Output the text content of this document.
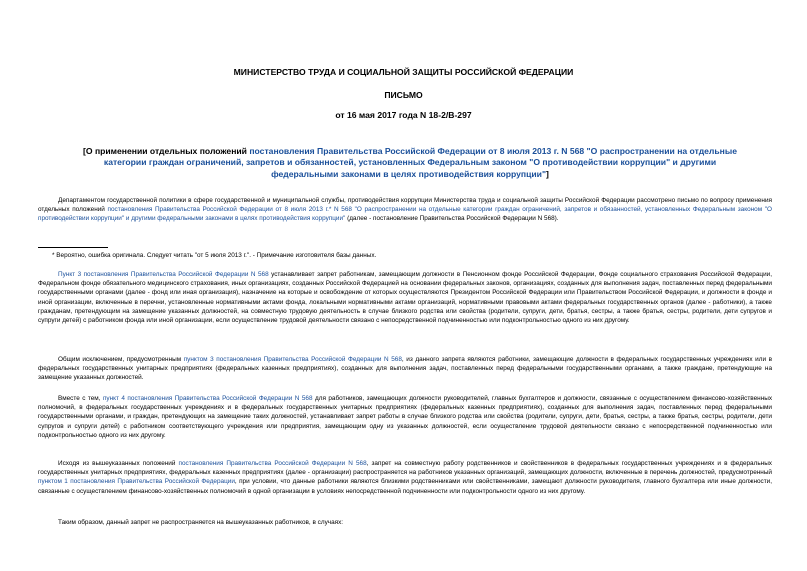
МИНИСТЕРСТВО ТРУДА И СОЦИАЛЬНОЙ ЗАЩИТЫ РОССИЙСКОЙ ФЕДЕРАЦИИ
ПИСЬМО
от 16 мая 2017 года N 18-2/В-297
[О применении отдельных положений постановления Правительства Российской Федерации от 8 июля 2013 г. N 568 "О распространении на отдельные категории граждан ограничений, запретов и обязанностей, установленных Федеральным законом "О противодействии коррупции" и другими федеральными законами в целях противодействия коррупции"]
Департаментом государственной политики в сфере государственной и муниципальной службы, противодействия коррупции Министерства труда и социальной защиты Российской Федерации рассмотрено письмо по вопросу применения отдельных положений постановления Правительства Российской Федерации от 8 июля 2013 г.* N 568 "О распространении на отдельные категории граждан ограничений, запретов и обязанностей, установленных Федеральным законом "О противодействии коррупции" и другими федеральными законами в целях противодействия коррупции" (далее - постановление Правительства Российской Федерации N 568).
* Вероятно, ошибка оригинала. Следует читать "от 5 июля 2013 г.". - Примечание изготовителя базы данных.
Пункт 3 постановления Правительства Российской Федерации N 568 устанавливает запрет работникам, замещающим должности в Пенсионном фонде Российской Федерации, Фонде социального страхования Российской Федерации, Федеральном фонде обязательного медицинского страхования, иных организациях, созданных Российской Федерацией на основании федеральных законов, организациях, созданных для выполнения задач, поставленных перед федеральными государственными органами (далее - фонд или иная организация), назначение на которые и освобождение от которых осуществляются Президентом Российской Федерации или Правительством Российской Федерации, и должности в фонде и иной организации, включенные в перечни, установленные нормативными актами фонда, локальными нормативными актами организаций, нормативными правовыми актами федеральных государственных органов (далее - работники), а также гражданам, претендующим на замещение указанных должностей, на совместную трудовую деятельность в случае близкого родства или свойства (родители, супруги, дети, братья, сестры, а также братья, сестры, родители, дети супругов и супруги детей) с работником фонда или иной организации, если осуществление трудовой деятельности связано с непосредственной подчиненностью или подконтрольностью одного из них другому.
Общим исключением, предусмотренным пунктом 3 постановления Правительства Российской Федерации N 568, из данного запрета являются работники, замещающие должности в федеральных государственных учреждениях или в федеральных государственных унитарных предприятиях (федеральных казенных предприятиях), созданных для выполнения задач, поставленных перед федеральными государственными органами, а также граждане, претендующие на замещение указанных должностей.
Вместе с тем, пункт 4 постановления Правительства Российской Федерации N 568 для работников, замещающих должности руководителей, главных бухгалтеров и должности, связанные с осуществлением финансово-хозяйственных полномочий, в федеральных государственных учреждениях и в федеральных государственных унитарных предприятиях (федеральных казенных предприятиях), созданных для выполнения задач, поставленных перед федеральными государственными органами, и граждан, претендующих на замещение таких должностей, устанавливает запрет работы в случае близкого родства или свойства (родители, супруги, дети, братья, сестры, а также братья, сестры, родители, дети супругов и супруги детей) с работником соответствующего учреждения или предприятия, замещающим одну из указанных должностей, если осуществление трудовой деятельности связано с непосредственной подчиненностью или подконтрольностью одного из них другому.
Исходя из вышеуказанных положений постановления Правительства Российской Федерации N 568, запрет на совместную работу родственников и свойственников в федеральных государственных учреждениях и в федеральных государственных унитарных предприятиях, федеральных казенных предприятиях (далее - организации) распространяется на работников указанных организаций, замещающих должности, включенные в перечень должностей, предусмотренный пунктом 1 постановления Правительства Российской Федерации, при условии, что данные работники являются близкими родственниками или свойственниками, замещают должности руководителя, главного бухгалтера или иные должности, связанные с осуществлением финансово-хозяйственных полномочий в одной организации в условиях непосредственной подчиненности или подконтрольности одного из них другому.
Таким образом, данный запрет не распространяется на вышеуказанных работников, в случаях:
